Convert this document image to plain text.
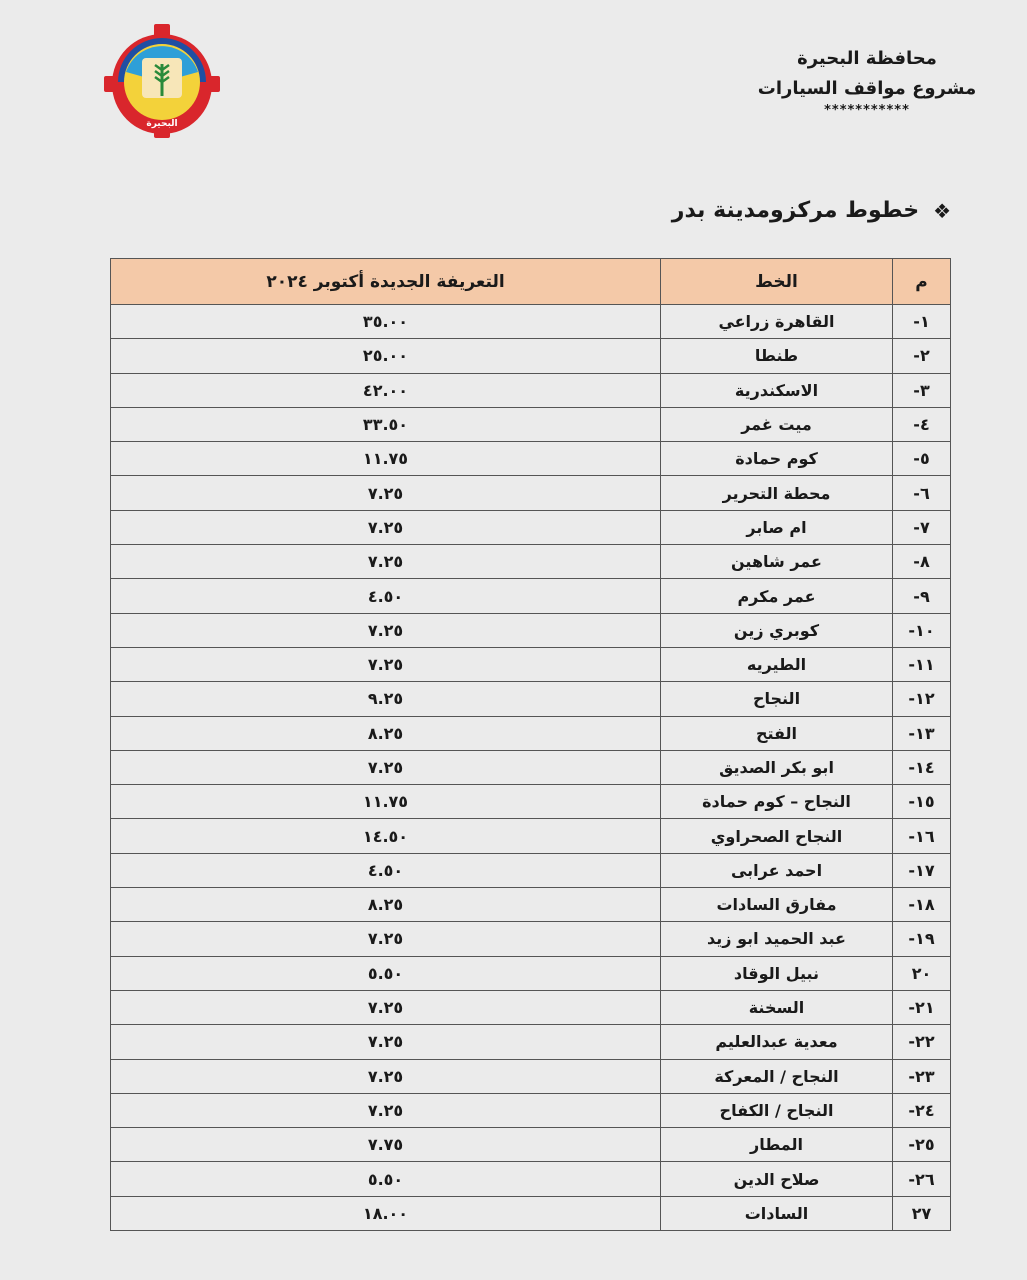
البحيرة
محافظة البحيرة
مشروع مواقف السيارات
***********
❖
خطوط مركزومدينة بدر
م	الخط	التعريفة الجديدة أكتوبر ٢٠٢٤
١-	القاهرة زراعي	٣٥.٠٠
٢-	طنطا	٢٥.٠٠
٣-	الاسكندرية	٤٢.٠٠
٤-	ميت غمر	٣٣.٥٠
٥-	كوم حمادة	١١.٧٥
٦-	محطة التحرير	٧.٢٥
٧-	ام صابر	٧.٢٥
٨-	عمر شاهين	٧.٢٥
٩-	عمر مكرم	٤.٥٠
١٠-	كوبري زين	٧.٢٥
١١-	الطيريه	٧.٢٥
١٢-	النجاح	٩.٢٥
١٣-	الفتح	٨.٢٥
١٤-	ابو بكر الصديق	٧.٢٥
١٥-	النجاح – كوم حمادة	١١.٧٥
١٦-	النجاح الصحراوي	١٤.٥٠
١٧-	احمد عرابى	٤.٥٠
١٨-	مفارق السادات	٨.٢٥
١٩-	عبد الحميد ابو زيد	٧.٢٥
٢٠	نبيل الوقاد	٥.٥٠
٢١-	السخنة	٧.٢٥
٢٢-	معدية عبدالعليم	٧.٢٥
٢٣-	النجاح / المعركة	٧.٢٥
٢٤-	النجاح / الكفاح	٧.٢٥
٢٥-	المطار	٧.٧٥
٢٦-	صلاح الدين	٥.٥٠
٢٧	السادات	١٨.٠٠
